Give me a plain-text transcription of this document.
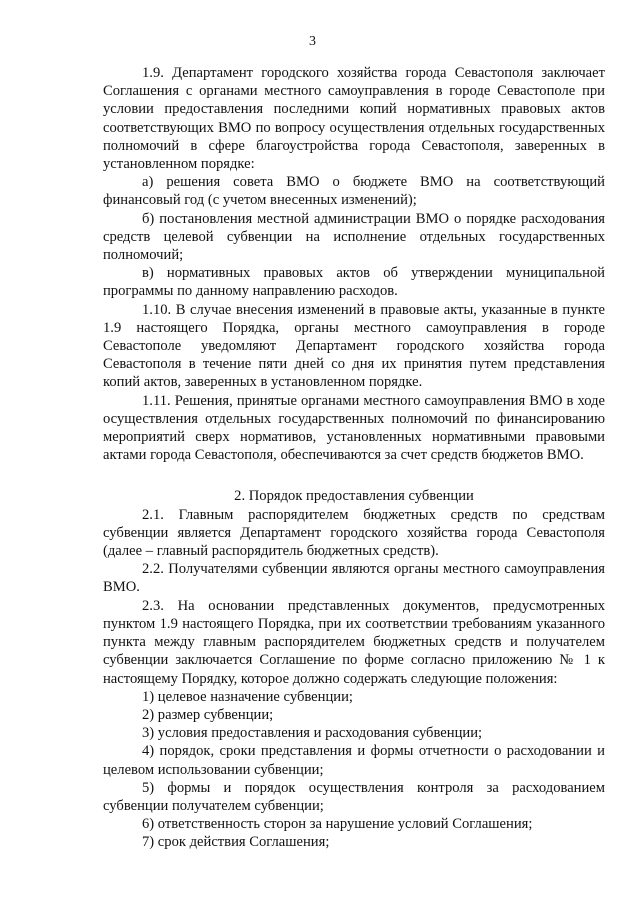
3

1.9. Департамент городского хозяйства города Севастополя заключает Соглашения с органами местного самоуправления в городе Севастополе при условии предоставления последними копий нормативных правовых актов соответствующих ВМО по вопросу осуществления отдельных государственных полномочий в сфере благоустройства города Севастополя, заверенных в установленном порядке:

а) решения совета ВМО о бюджете ВМО на соответствующий финансовый год (с учетом внесенных изменений);

б) постановления местной администрации ВМО о порядке расходования средств целевой субвенции на исполнение отдельных государственных полномочий;

в) нормативных правовых актов об утверждении муниципальной программы по данному направлению расходов.

1.10. В случае внесения изменений в правовые акты, указанные в пункте 1.9 настоящего Порядка, органы местного самоуправления в городе Севастополе уведомляют Департамент городского хозяйства города Севастополя в течение пяти дней со дня их принятия путем представления копий актов, заверенных в установленном порядке.

1.11. Решения, принятые органами местного самоуправления ВМО в ходе осуществления отдельных государственных полномочий по финансированию мероприятий сверх нормативов, установленных нормативными правовыми актами города Севастополя, обеспечиваются за счет средств бюджетов ВМО.

2. Порядок предоставления субвенции

2.1. Главным распорядителем бюджетных средств по средствам субвенции является Департамент городского хозяйства города Севастополя (далее – главный распорядитель бюджетных средств).

2.2. Получателями субвенции являются органы местного самоуправления ВМО.

2.3. На основании представленных документов, предусмотренных пунктом 1.9 настоящего Порядка, при их соответствии требованиям указанного пункта между главным распорядителем бюджетных средств и получателем субвенции заключается Соглашение по форме согласно приложению № 1 к настоящему Порядку, которое должно содержать следующие положения:

1) целевое назначение субвенции;

2) размер субвенции;

3) условия предоставления и расходования субвенции;

4) порядок, сроки представления и формы отчетности о расходовании и целевом использовании субвенции;

5) формы и порядок осуществления контроля за расходованием субвенции получателем субвенции;

6) ответственность сторон за нарушение условий Соглашения;

7) срок действия Соглашения;
